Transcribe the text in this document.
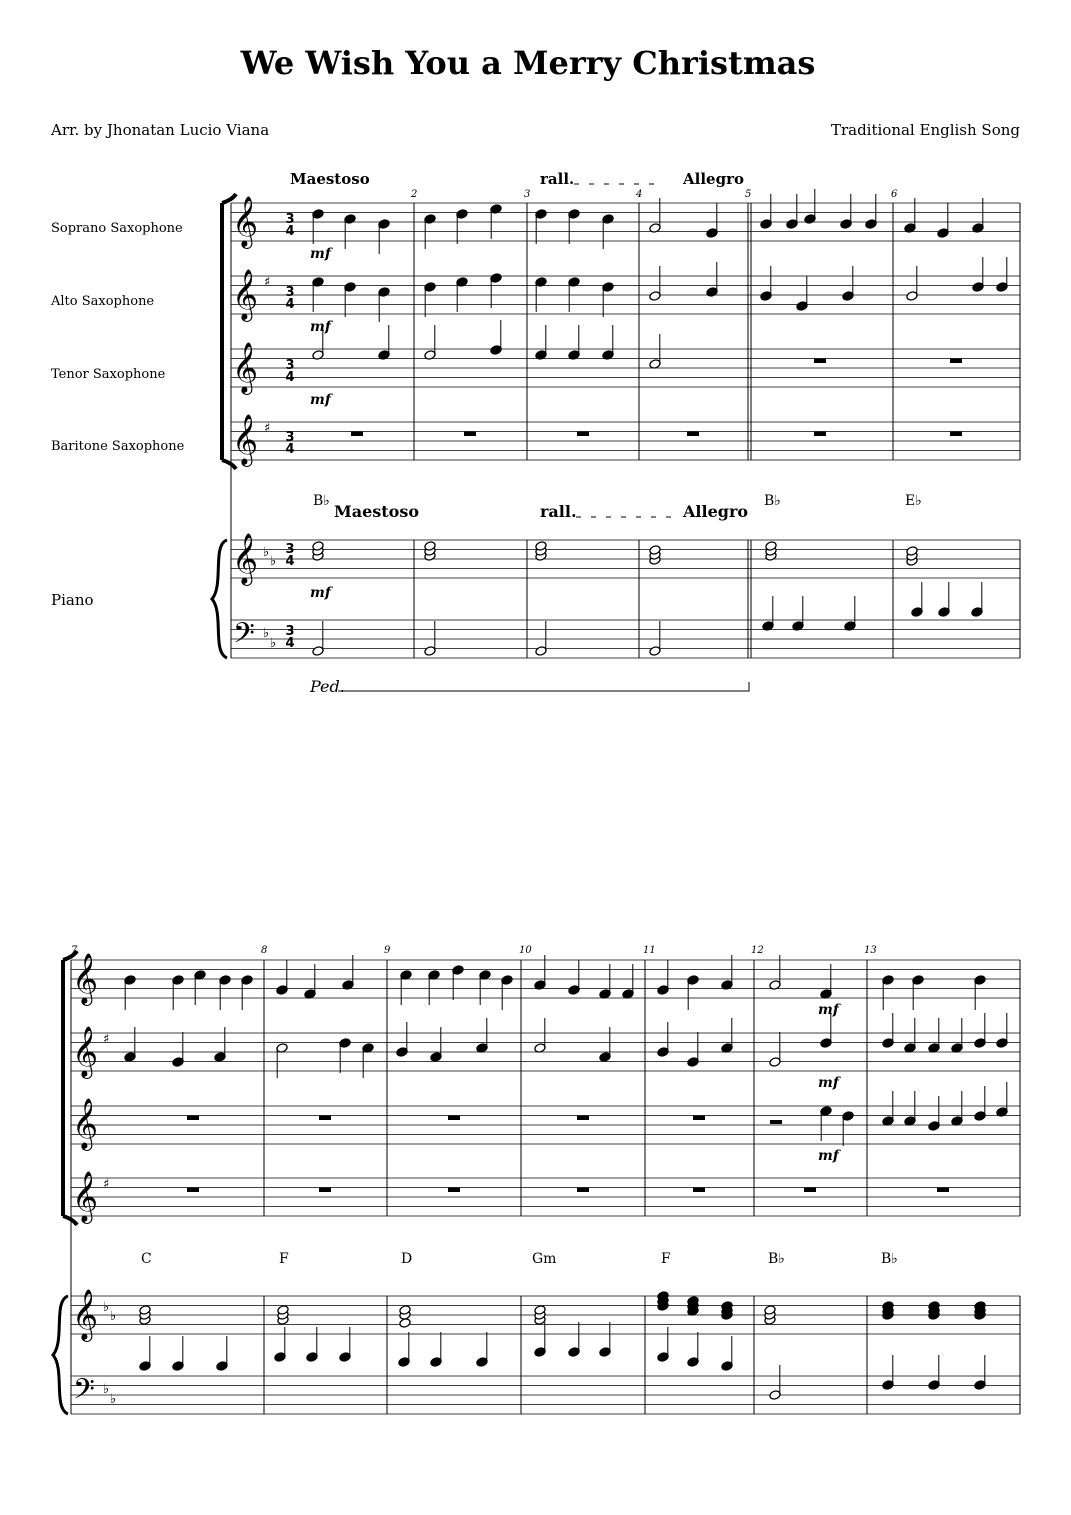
We Wish You a Merry Christmas
Arr. by Jhonatan Lucio Viana	Traditional English Song
Soprano Saxophone
Alto Saxophone
Tenor Saxophone
Baritone Saxophone
Piano
Maestoso	rall.	Allegro
2	3	4	5	6
𝄞
𝄞
𝄞
𝄞
𝄞
𝄢
♯
♯
♭
♭
♭
♭
3
4
3
4
3
4
3
4
3
4
3
4
mf
mf
mf
mf
B♭	B♭	E♭
Maestoso	rall.	Allegro
Ped.
7	8	9	10	11	12	13
𝄞
𝄞
𝄞
𝄞
𝄞
𝄢
♯
♯
♭
♭
♭
♭
mf
mf
mf
C	F	D	Gm	F	B♭	B♭
